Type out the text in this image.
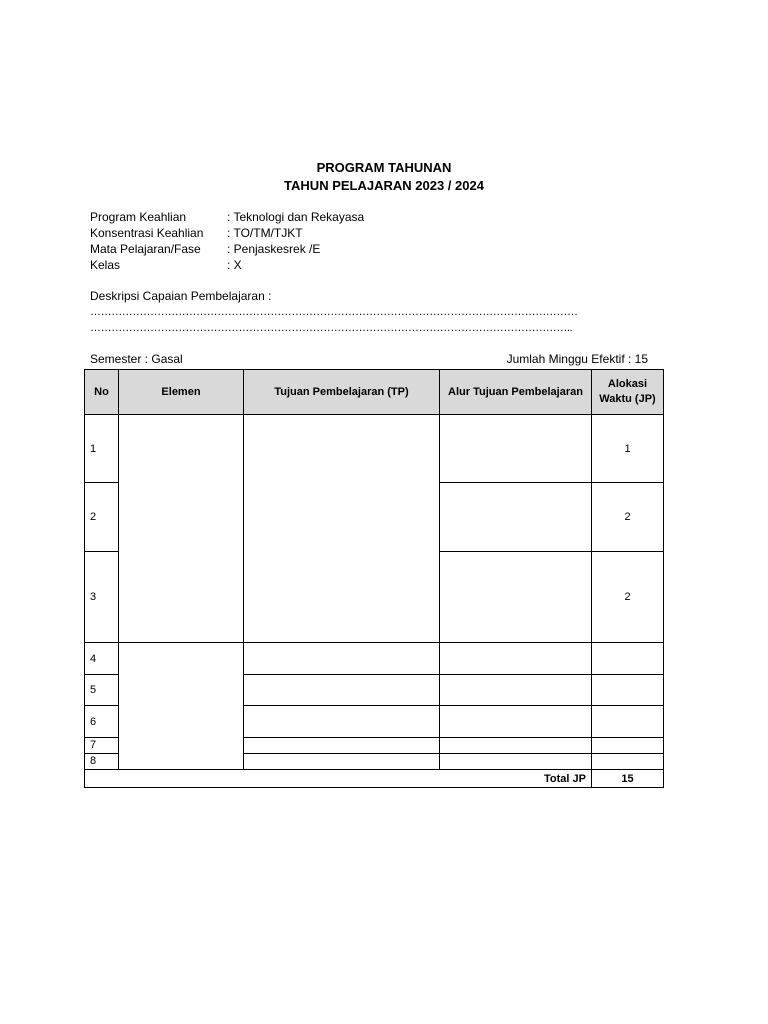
PROGRAM TAHUNAN
TAHUN PELAJARAN 2023 / 2024
Program Keahlian	: Teknologi dan Rekayasa
Konsentrasi Keahlian : TO/TM/TJKT
Mata Pelajaran/Fase : Penjaskesrek /E
Kelas	: X
Deskripsi Capaian Pembelajaran :
…………………………………………………………………………………………………………………………
………………………………………………………………………………………………………………………..
Semester : Gasal	Jumlah Minggu Efektif : 15
No	Elemen	Tujuan Pembelajaran (TP)	Alur Tujuan Pembelajaran	Alokasi Waktu (JP)
1				1
2				2
3				2
4				
5				
6				
7				
8				
Total JP				15
